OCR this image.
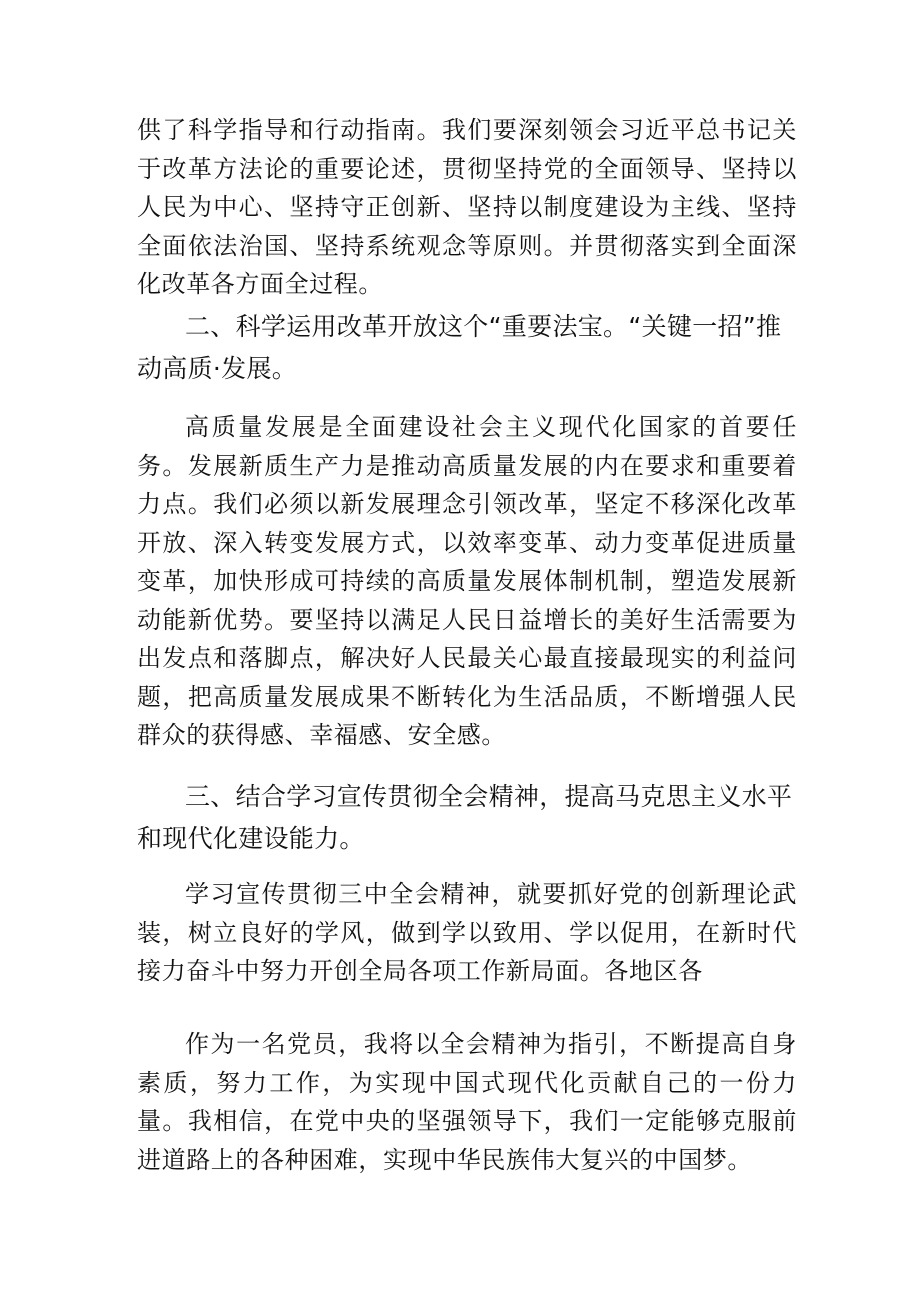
供了科学指导和行动指南。我们要深刻领会习近平总书记关于改革方法论的重要论述，贯彻坚持党的全面领导、坚持以人民为中心、坚持守正创新、坚持以制度建设为主线、坚持全面依法治国、坚持系统观念等原则。并贯彻落实到全面深化改革各方面全过程。

二、科学运用改革开放这个“重要法宝。“关键一招”推动高质·发展。

高质量发展是全面建设社会主义现代化国家的首要任务。发展新质生产力是推动高质量发展的内在要求和重要着力点。我们必须以新发展理念引领改革，坚定不移深化改革开放、深入转变发展方式，以效率变革、动力变革促进质量变革，加快形成可持续的高质量发展体制机制，塑造发展新动能新优势。要坚持以满足人民日益增长的美好生活需要为出发点和落脚点，解决好人民最关心最直接最现实的利益问题，把高质量发展成果不断转化为生活品质，不断增强人民群众的获得感、幸福感、安全感。

三、结合学习宣传贯彻全会精神，提高马克思主义水平和现代化建设能力。

学习宣传贯彻三中全会精神，就要抓好党的创新理论武装，树立良好的学风，做到学以致用、学以促用，在新时代接力奋斗中努力开创全局各项工作新局面。各地区各

作为一名党员，我将以全会精神为指引，不断提高自身素质，努力工作，为实现中国式现代化贡献自己的一份力量。我相信，在党中央的坚强领导下，我们一定能够克服前进道路上的各种困难，实现中华民族伟大复兴的中国梦。
